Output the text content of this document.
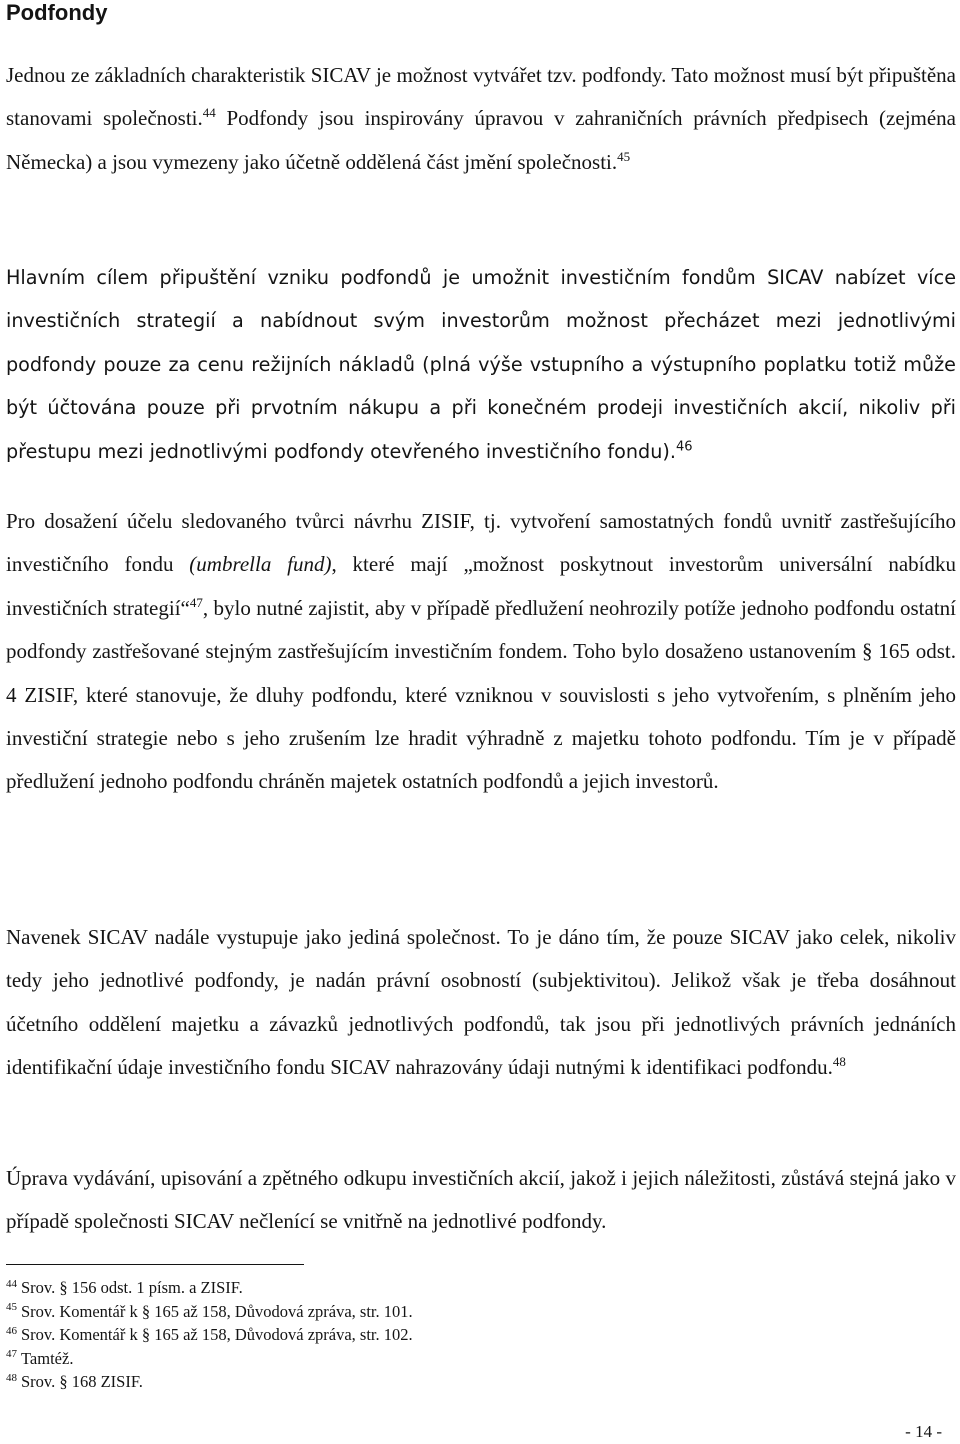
Podfondy

Jednou ze základních charakteristik SICAV je možnost vytvářet tzv. podfondy. Tato možnost musí být připuštěna stanovami společnosti.$^{44}$ Podfondy jsou inspirovány úpravou v zahraničních právních předpisech (zejména Německa) a jsou vymezeny jako účetně oddělená část jmění společnosti.$^{45}$

Hlavním cílem připuštění vzniku podfondů je umožnit investičním fondům SICAV nabízet více investičních strategií a nabídnout svým investorům možnost přecházet mezi jednotlivými podfondy pouze za cenu režijních nákladů (plná výše vstupního a výstupního poplatku totiž může být účtována pouze při prvotním nákupu a při konečném prodeji investičních akcií, nikoliv při přestupu mezi jednotlivými podfondy otevřeného investičního fondu).$^{46}$

Pro dosažení účelu sledovaného tvůrci návrhu ZISIF, tj. vytvoření samostatných fondů uvnitř zastřešujícího investičního fondu (umbrella fund), které mají „možnost poskytnout investorům universální nabídku investičních strategií“$^{47}$, bylo nutné zajistit, aby v případě předlužení neohrozily potíže jednoho podfondu ostatní podfondy zastřešované stejným zastřešujícím investičním fondem. Toho bylo dosaženo ustanovením § 165 odst. 4 ZISIF, které stanovuje, že dluhy podfondu, které vzniknou v souvislosti s jeho vytvořením, s plněním jeho investiční strategie nebo s jeho zrušením lze hradit výhradně z majetku tohoto podfondu. Tím je v případě předlužení jednoho podfondu chráněn majetek ostatních podfondů a jejich investorů.

Navenek SICAV nadále vystupuje jako jediná společnost. To je dáno tím, že pouze SICAV jako celek, nikoliv tedy jeho jednotlivé podfondy, je nadán právní osobností (subjektivitou). Jelikož však je třeba dosáhnout účetního oddělení majetku a závazků jednotlivých podfondů, tak jsou při jednotlivých právních jednáních identifikační údaje investičního fondu SICAV nahrazovány údaji nutnými k identifikaci podfondu.$^{48}$

Úprava vydávání, upisování a zpětného odkupu investičních akcií, jakož i jejich náležitosti, zůstává stejná jako v případě společnosti SICAV nečlenící se vnitřně na jednotlivé podfondy.

$^{44}$ Srov. § 156 odst. 1 písm. a ZISIF.
$^{45}$ Srov. Komentář k § 165 až 158, Důvodová zpráva, str. 101.
$^{46}$ Srov. Komentář k § 165 až 158, Důvodová zpráva, str. 102.
$^{47}$ Tamtéž.
$^{48}$ Srov. § 168 ZISIF.
- 14 -
